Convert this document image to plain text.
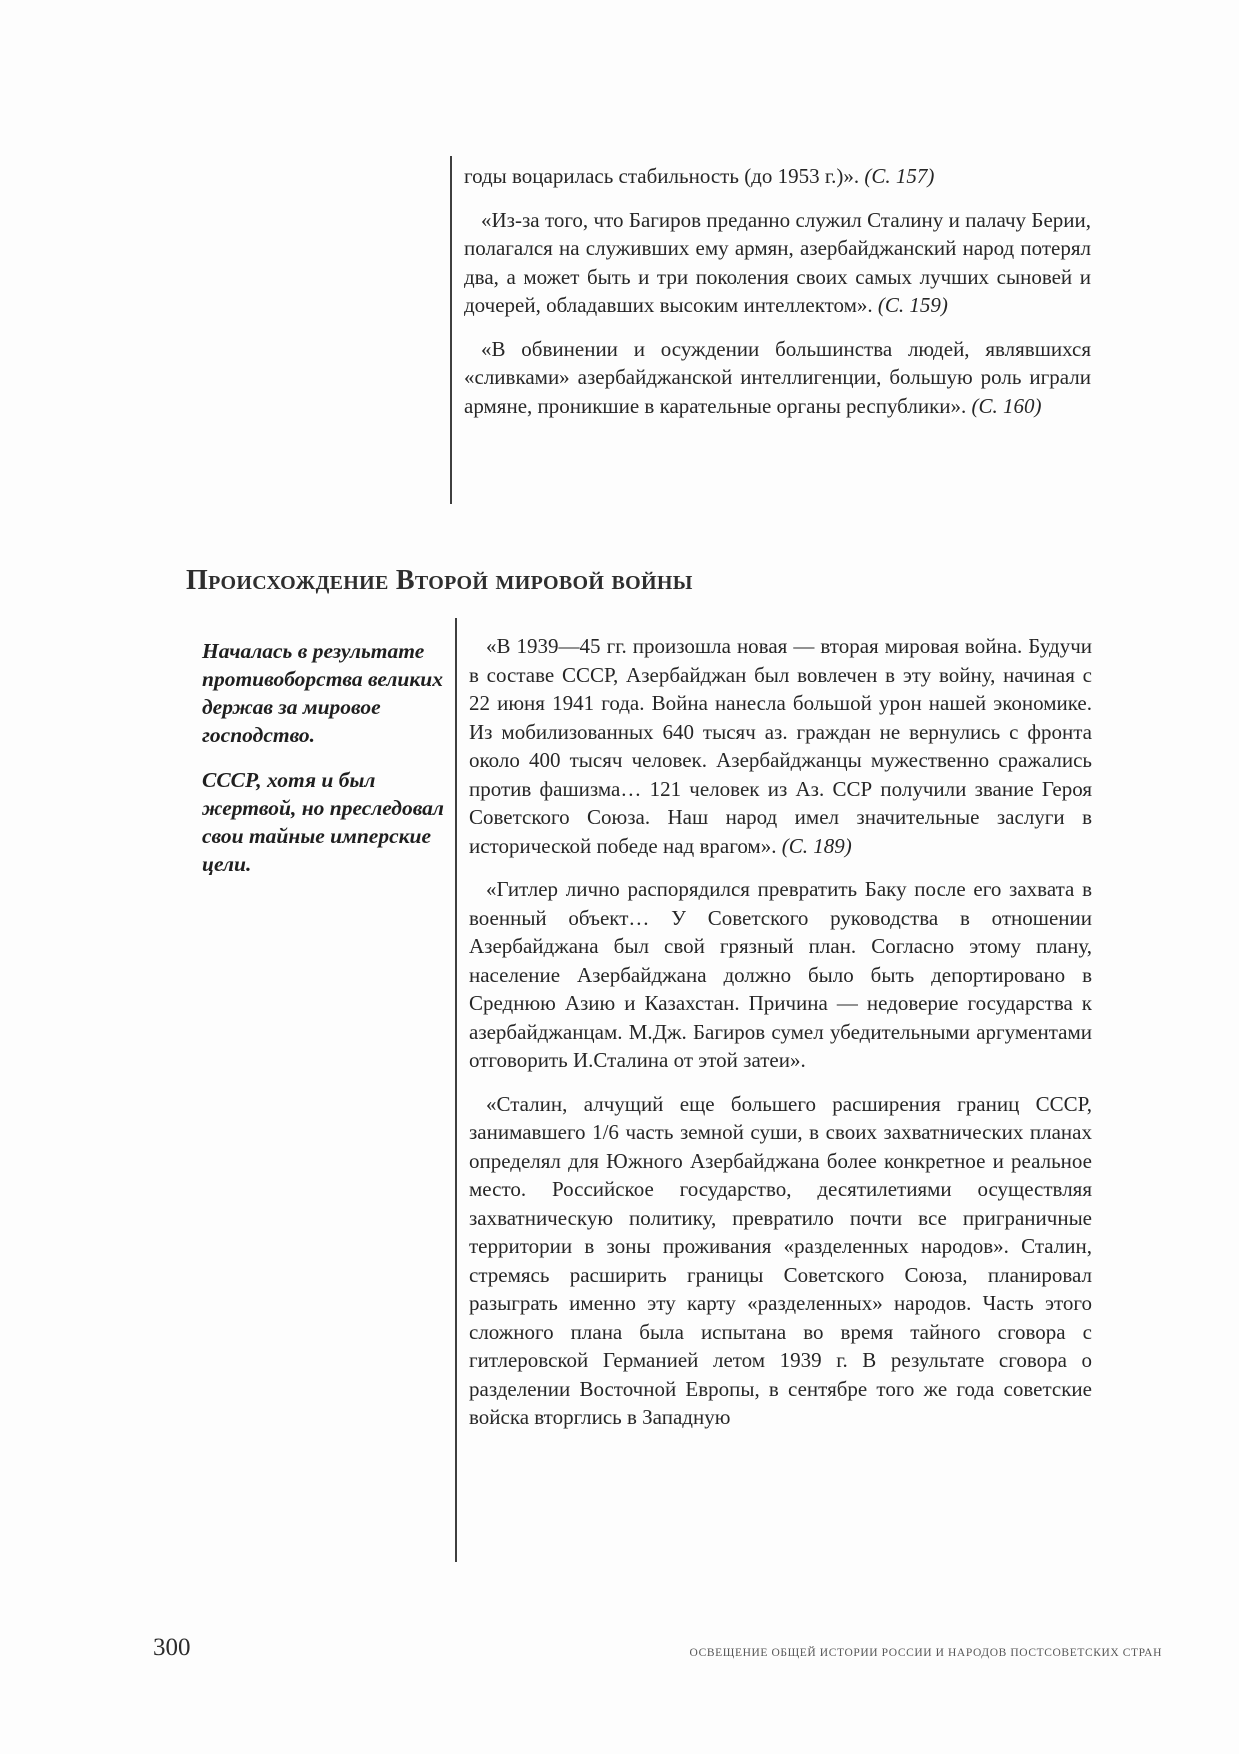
годы воцарилась стабильность (до 1953 г.)». (С. 157)

«Из-за того, что Багиров преданно служил Сталину и палачу Берии, полагался на служивших ему армян, азербайджанский народ потерял два, а может быть и три поколения своих самых лучших сыновей и дочерей, обладавших высоким интеллектом». (С. 159)

«В обвинении и осуждении большинства людей, являвшихся «сливками» азербайджанской интеллигенции, большую роль играли армяне, проникшие в карательные органы республики». (С. 160)

Происхождение Второй мировой войны

Началась в результате противоборства великих держав за мировое господство.

СССР, хотя и был жертвой, но преследовал свои тайные имперские цели.

«В 1939—45 гг. произошла новая — вторая мировая война. Будучи в составе СССР, Азербайджан был вовлечен в эту войну, начиная с 22 июня 1941 года. Война нанесла большой урон нашей экономике. Из мобилизованных 640 тысяч аз. граждан не вернулись с фронта около 400 тысяч человек. Азербайджанцы мужественно сражались против фашизма… 121 человек из Аз. ССР получили звание Героя Советского Союза. Наш народ имел значительные заслуги в исторической победе над врагом». (С. 189)

«Гитлер лично распорядился превратить Баку после его захвата в военный объект… У Советского руководства в отношении Азербайджана был свой грязный план. Согласно этому плану, население Азербайджана должно было быть депортировано в Среднюю Азию и Казахстан. Причина — недоверие государства к азербайджанцам. М.Дж. Багиров сумел убедительными аргументами отговорить И.Сталина от этой затеи».

«Сталин, алчущий еще большего расширения границ СССР, занимавшего 1/6 часть земной суши, в своих захватнических планах определял для Южного Азербайджана более конкретное и реальное место. Российское государство, десятилетиями осуществляя захватническую политику, превратило почти все приграничные территории в зоны проживания «разделенных народов». Сталин, стремясь расширить границы Советского Союза, планировал разыграть именно эту карту «разделенных» народов. Часть этого сложного плана была испытана во время тайного сговора с гитлеровской Германией летом 1939 г. В результате сговора о разделении Восточной Европы, в сентябре того же года советские войска вторглись в Западную

300	ОСВЕЩЕНИЕ ОБЩЕЙ ИСТОРИИ РОССИИ И НАРОДОВ ПОСТСОВЕТСКИХ СТРАН
